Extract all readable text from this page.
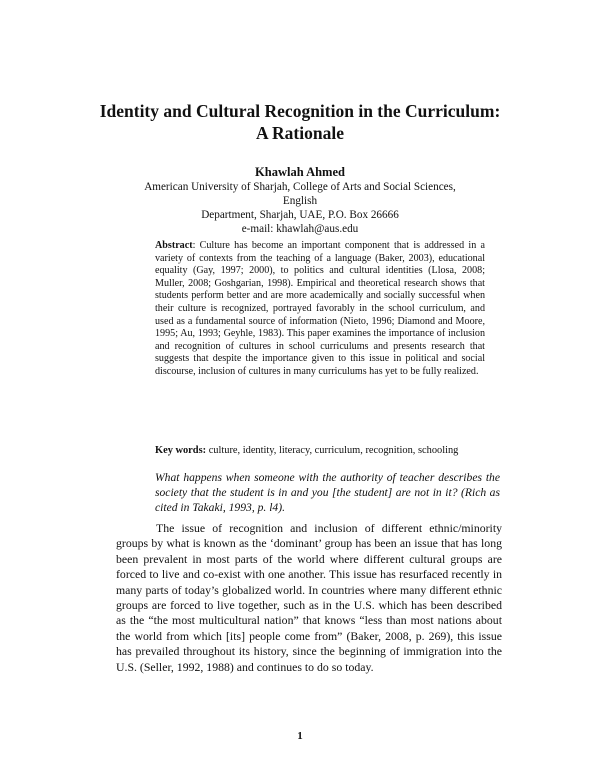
Identity and Cultural Recognition in the Curriculum:
A Rationale
Khawlah Ahmed
American University of Sharjah, College of Arts and Social Sciences, English
Department, Sharjah, UAE, P.O. Box 26666
e-mail: khawlah@aus.edu
Abstract: Culture has become an important component that is addressed in a variety of contexts from the teaching of a language (Baker, 2003), educational equality (Gay, 1997; 2000), to politics and cultural identities (Llosa, 2008; Muller, 2008; Goshgarian, 1998). Empirical and theoretical research shows that students perform better and are more academically and socially successful when their culture is recognized, portrayed favorably in the school curriculum, and used as a fundamental source of information (Nieto, 1996; Diamond and Moore, 1995; Au, 1993; Geyhle, 1983). This paper examines the importance of inclusion and recognition of cultures in school curriculums and presents research that suggests that despite the importance given to this issue in political and social discourse, inclusion of cultures in many curriculums has yet to be fully realized.
Key words: culture, identity, literacy, curriculum, recognition, schooling
What happens when someone with the authority of teacher describes the society that the student is in and you [the student] are not in it? (Rich as cited in Takaki, 1993, p. l4).

The issue of recognition and inclusion of different ethnic/minority groups by what is known as the ‘dominant’ group has been an issue that has long been prevalent in most parts of the world where different cultural groups are forced to live and co-exist with one another. This issue has resurfaced recently in many parts of today’s globalized world. In countries where many different ethnic groups are forced to live together, such as in the U.S. which has been described as the “the most multicultural nation” that knows “less than most nations about the world from which [its] people come from” (Baker, 2008, p. 269), this issue has prevailed throughout its history, since the beginning of immigration into the U.S. (Seller, 1992, 1988) and continues to do so today.

1
